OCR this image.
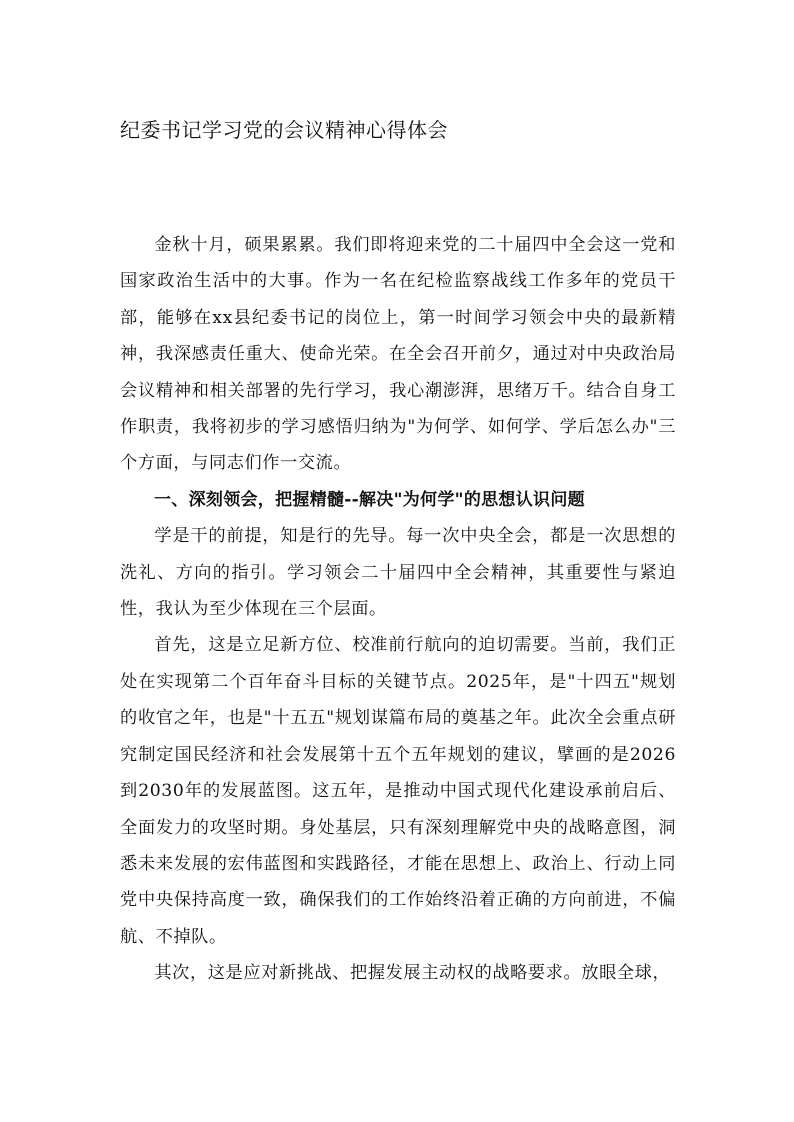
纪委书记学习党的会议精神心得体会

金秋十月，硕果累累。我们即将迎来党的二十届四中全会这一党和国家政治生活中的大事。作为一名在纪检监察战线工作多年的党员干部，能够在xx县纪委书记的岗位上，第一时间学习领会中央的最新精神，我深感责任重大、使命光荣。在全会召开前夕，通过对中央政治局会议精神和相关部署的先行学习，我心潮澎湃，思绪万千。结合自身工作职责，我将初步的学习感悟归纳为"为何学、如何学、学后怎么办"三个方面，与同志们作一交流。

一、深刻领会，把握精髓--解决"为何学"的思想认识问题

学是干的前提，知是行的先导。每一次中央全会，都是一次思想的洗礼、方向的指引。学习领会二十届四中全会精神，其重要性与紧迫性，我认为至少体现在三个层面。

首先，这是立足新方位、校准前行航向的迫切需要。当前，我们正处在实现第二个百年奋斗目标的关键节点。2025年，是"十四五"规划的收官之年，也是"十五五"规划谋篇布局的奠基之年。此次全会重点研究制定国民经济和社会发展第十五个五年规划的建议，擘画的是2026到2030年的发展蓝图。这五年，是推动中国式现代化建设承前启后、全面发力的攻坚时期。身处基层，只有深刻理解党中央的战略意图，洞悉未来发展的宏伟蓝图和实践路径，才能在思想上、政治上、行动上同党中央保持高度一致，确保我们的工作始终沿着正确的方向前进，不偏航、不掉队。

其次，这是应对新挑战、把握发展主动权的战略要求。放眼全球，
